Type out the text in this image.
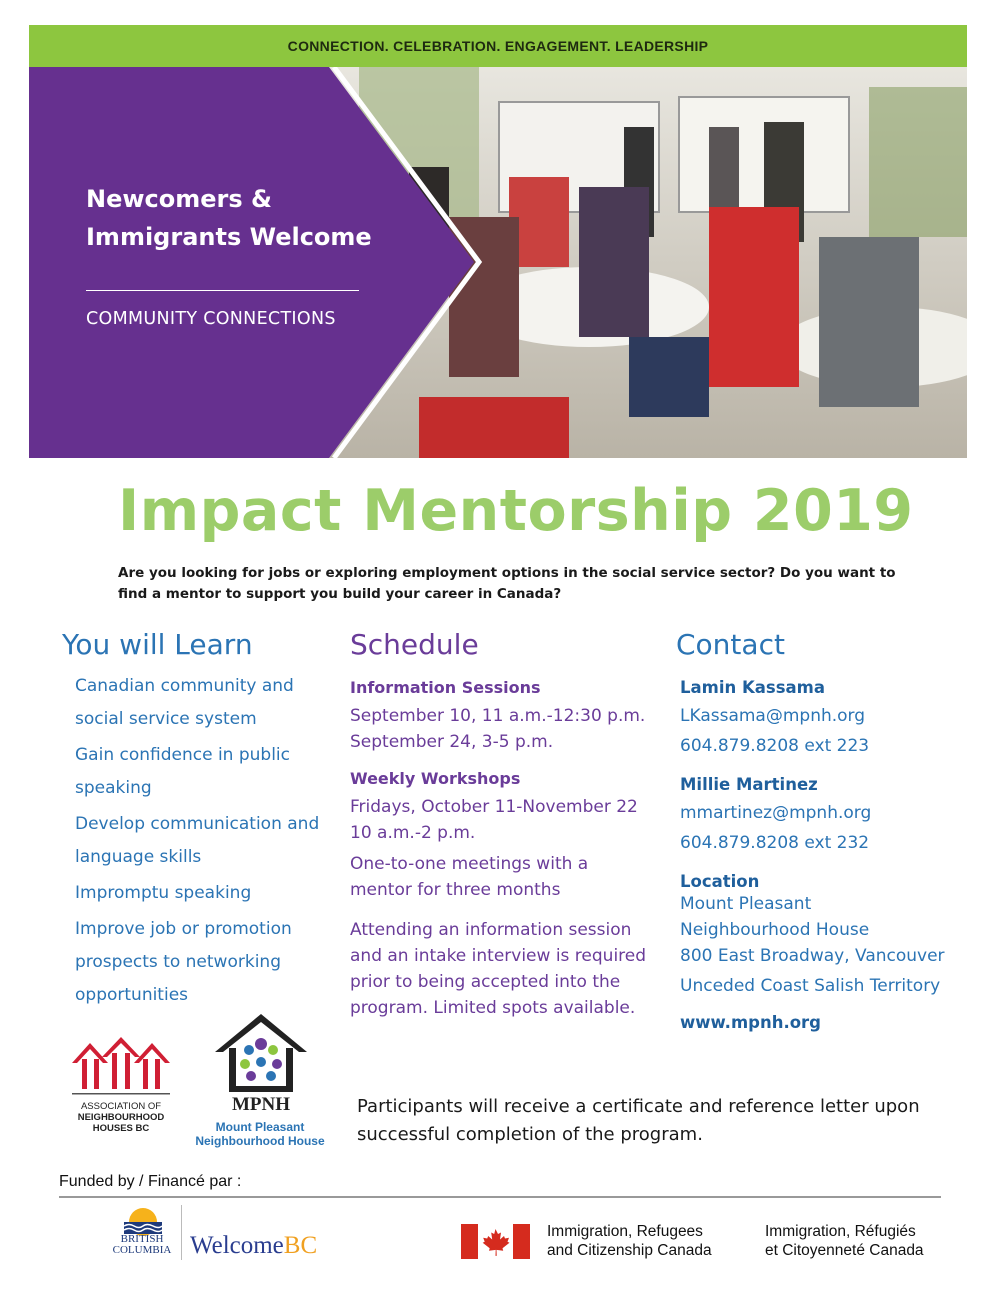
CONNECTION. CELEBRATION. ENGAGEMENT. LEADERSHIP
Newcomers &
Immigrants Welcome
COMMUNITY CONNECTIONS
Impact Mentorship 2019
Are you looking for jobs or exploring employment options in the social service sector? Do you want to
find a mentor to support you build your career in Canada?
You will Learn
Canadian community and
social service system
Gain confidence in public
speaking
Develop communication and
language skills
Impromptu speaking
Improve job or promotion
prospects to networking
opportunities
Schedule
Information Sessions
September 10, 11 a.m.-12:30 p.m.
September 24, 3-5 p.m.
Weekly Workshops
Fridays, October 11-November 22
10 a.m.-2 p.m.
One-to-one meetings with a
mentor for three months
Attending an information session
and an intake interview is required
prior to being accepted into the
program. Limited spots available.
Contact
Lamin Kassama
LKassama@mpnh.org
604.879.8208 ext 223
Millie Martinez
mmartinez@mpnh.org
604.879.8208 ext 232
Location
Mount Pleasant
Neighbourhood House
800 East Broadway, Vancouver
Unceded Coast Salish Territory
www.mpnh.org
ASSOCIATION OF
NEIGHBOURHOOD
HOUSES BC
MPNH
Mount Pleasant
Neighbourhood House
Participants will receive a certificate and reference letter upon
successful completion of the program.
Funded by / Financé par :
BRITISH
COLUMBIA WelcomeBC
Immigration, Refugees
and Citizenship Canada
Immigration, Réfugiés
et Citoyenneté Canada
